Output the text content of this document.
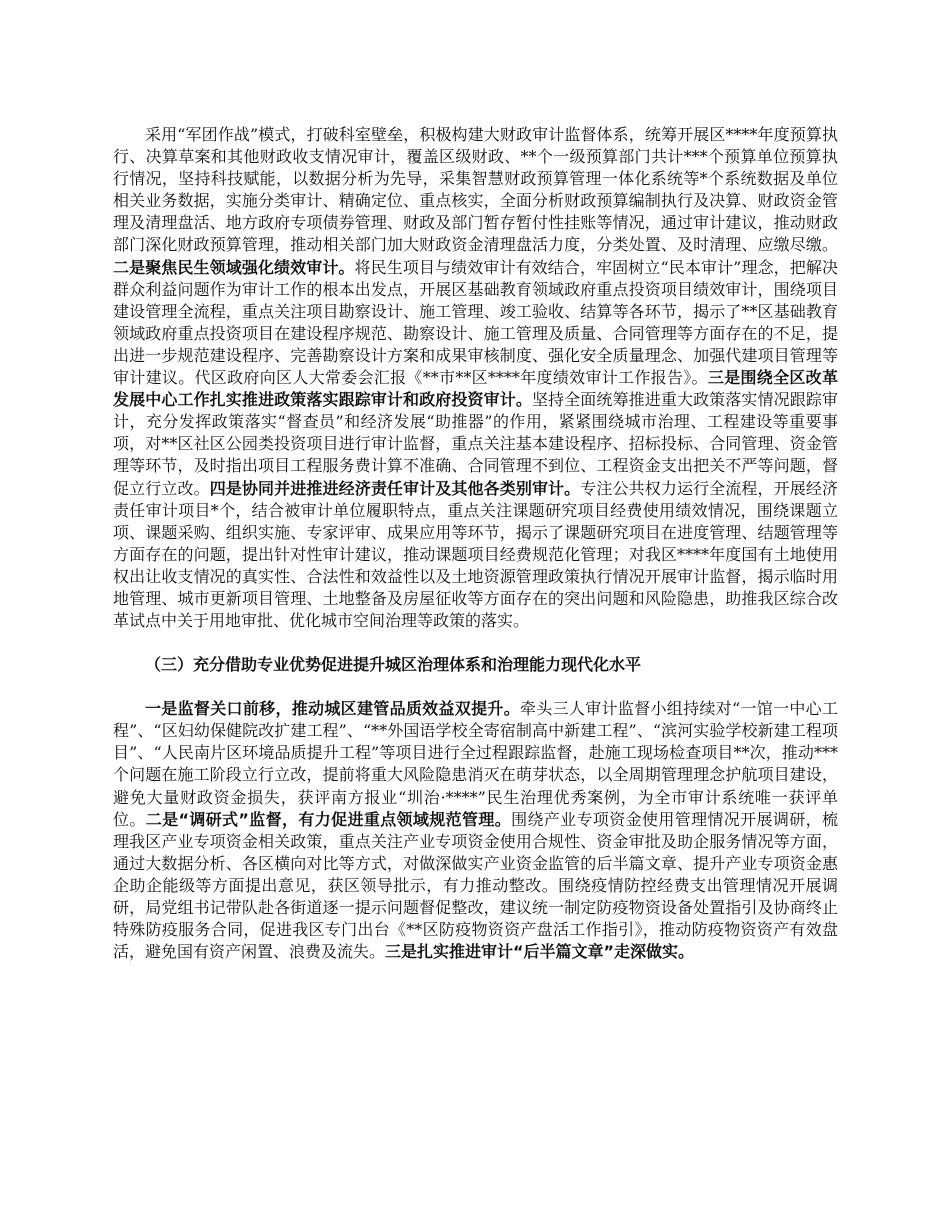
采用“军团作战”模式，打破科室壁垒，积极构建大财政审计监督体系，统筹开展区****年度预算执行、决算草案和其他财政收支情况审计，覆盖区级财政、**个一级预算部门共计***个预算单位预算执行情况，坚持科技赋能，以数据分析为先导，采集智慧财政预算管理一体化系统等*个系统数据及单位相关业务数据，实施分类审计、精确定位、重点核实，全面分析财政预算编制执行及决算、财政资金管理及清理盘活、地方政府专项债券管理、财政及部门暂存暂付性挂账等情况，通过审计建议，推动财政部门深化财政预算管理，推动相关部门加大财政资金清理盘活力度，分类处置、及时清理、应缴尽缴。二是聚焦民生领域强化绩效审计。将民生项目与绩效审计有效结合，牢固树立“民本审计”理念，把解决群众利益问题作为审计工作的根本出发点，开展区基础教育领域政府重点投资项目绩效审计，围绕项目建设管理全流程，重点关注项目勘察设计、施工管理、竣工验收、结算等各环节，揭示了**区基础教育领域政府重点投资项目在建设程序规范、勘察设计、施工管理及质量、合同管理等方面存在的不足，提出进一步规范建设程序、完善勘察设计方案和成果审核制度、强化安全质量理念、加强代建项目管理等审计建议。代区政府向区人大常委会汇报《**市**区****年度绩效审计工作报告》。三是围绕全区改革发展中心工作扎实推进政策落实跟踪审计和政府投资审计。坚持全面统筹推进重大政策落实情况跟踪审计，充分发挥政策落实“督查员”和经济发展“助推器”的作用，紧紧围绕城市治理、工程建设等重要事项，对**区社区公园类投资项目进行审计监督，重点关注基本建设程序、招标投标、合同管理、资金管理等环节，及时指出项目工程服务费计算不准确、合同管理不到位、工程资金支出把关不严等问题，督促立行立改。四是协同并进推进经济责任审计及其他各类别审计。专注公共权力运行全流程，开展经济责任审计项目*个，结合被审计单位履职特点，重点关注课题研究项目经费使用绩效情况，围绕课题立项、课题采购、组织实施、专家评审、成果应用等环节，揭示了课题研究项目在进度管理、结题管理等方面存在的问题，提出针对性审计建议，推动课题项目经费规范化管理；对我区****年度国有土地使用权出让收支情况的真实性、合法性和效益性以及土地资源管理政策执行情况开展审计监督，揭示临时用地管理、城市更新项目管理、土地整备及房屋征收等方面存在的突出问题和风险隐患，助推我区综合改革试点中关于用地审批、优化城市空间治理等政策的落实。

（三）充分借助专业优势促进提升城区治理体系和治理能力现代化水平

一是监督关口前移，推动城区建管品质效益双提升。牵头三人审计监督小组持续对“一馆一中心工程”、“区妇幼保健院改扩建工程”、“**外国语学校全寄宿制高中新建工程”、“滨河实验学校新建工程项目”、“人民南片区环境品质提升工程”等项目进行全过程跟踪监督，赴施工现场检查项目**次，推动***个问题在施工阶段立行立改，提前将重大风险隐患消灭在萌芽状态，以全周期管理理念护航项目建设，避免大量财政资金损失，获评南方报业“圳治·****”民生治理优秀案例，为全市审计系统唯一获评单位。二是“调研式”监督，有力促进重点领域规范管理。围绕产业专项资金使用管理情况开展调研，梳理我区产业专项资金相关政策，重点关注产业专项资金使用合规性、资金审批及助企服务情况等方面，通过大数据分析、各区横向对比等方式，对做深做实产业资金监管的后半篇文章、提升产业专项资金惠企助企能级等方面提出意见，获区领导批示，有力推动整改。围绕疫情防控经费支出管理情况开展调研，局党组书记带队赴各街道逐一提示问题督促整改，建议统一制定防疫物资设备处置指引及协商终止特殊防疫服务合同，促进我区专门出台《**区防疫物资资产盘活工作指引》，推动防疫物资资产有效盘活，避免国有资产闲置、浪费及流失。三是扎实推进审计“后半篇文章”走深做实。
